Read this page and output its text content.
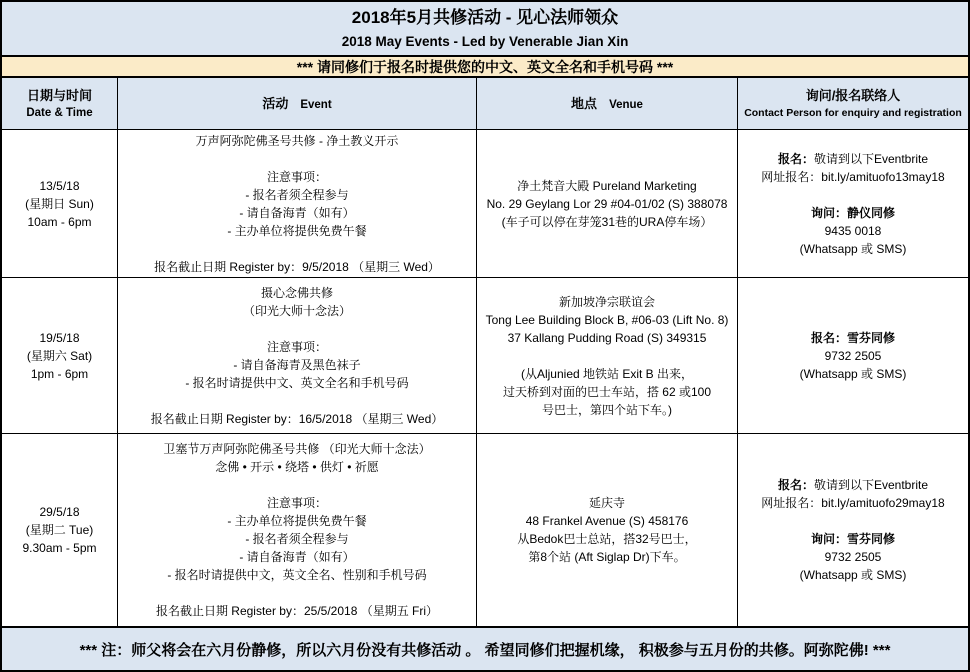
2018年5月共修活动 - 见心法师领众
2018 May Events - Led by Venerable Jian Xin
*** 请同修们于报名时提供您的中文、英文全名和手机号码 ***
日期与时间
Date & Time
活动 Event	地点 Venue
询问/报名联络人
Contact Person for enquiry and registration
13/5/18
(星期日 Sun)
10am - 6pm
万声阿弥陀佛圣号共修 - 净土教义开示

注意事项：
- 报名者须全程参与
- 请自备海青（如有）
- 主办单位将提供免费午餐

报名截止日期 Register by：9/5/2018 （星期三 Wed）
净土梵音大殿 Pureland Marketing
No. 29 Geylang Lor 29 #04-01/02 (S) 388078
(车子可以停在芽笼31巷的URA停车场）
报名：敬请到以下Eventbrite
网址报名：bit.ly/amituofo13may18

询问：静仪同修
9435 0018
(Whatsapp 或 SMS)
19/5/18
(星期六 Sat)
1pm - 6pm
摄心念佛共修
（印光大师十念法）

注意事项：
- 请自备海青及黑色袜子
- 报名时请提供中文、英文全名和手机号码

报名截止日期 Register by：16/5/2018 （星期三 Wed）
新加坡净宗联谊会
Tong Lee Building Block B, #06-03 (Lift No. 8)
37 Kallang Pudding Road (S) 349315

(从Aljunied 地铁站 Exit B 出来，
过天桥到对面的巴士车站，搭 62 或100
号巴士，第四个站下车。)
报名：雪芬同修
9732 2505
(Whatsapp 或 SMS)
29/5/18
(星期二 Tue)
9.30am - 5pm
卫塞节万声阿弥陀佛圣号共修 （印光大师十念法）
念佛 • 开示 • 绕塔 • 供灯 • 祈愿

注意事项：
- 主办单位将提供免费午餐
- 报名者须全程参与
- 请自备海青（如有）
- 报名时请提供中文，英文全名、性别和手机号码

报名截止日期 Register by：25/5/2018 （星期五 Fri）
延庆寺
48 Frankel Avenue (S) 458176
从Bedok巴士总站，搭32号巴士，
第8个站 (Aft Siglap Dr)下车。
报名：敬请到以下Eventbrite
网址报名：bit.ly/amituofo29may18

询问：雪芬同修
9732 2505
(Whatsapp 或 SMS)
*** 注：师父将会在六月份静修，所以六月份没有共修活动 。 希望同修们把握机缘， 积极参与五月份的共修。阿弥陀佛! ***
